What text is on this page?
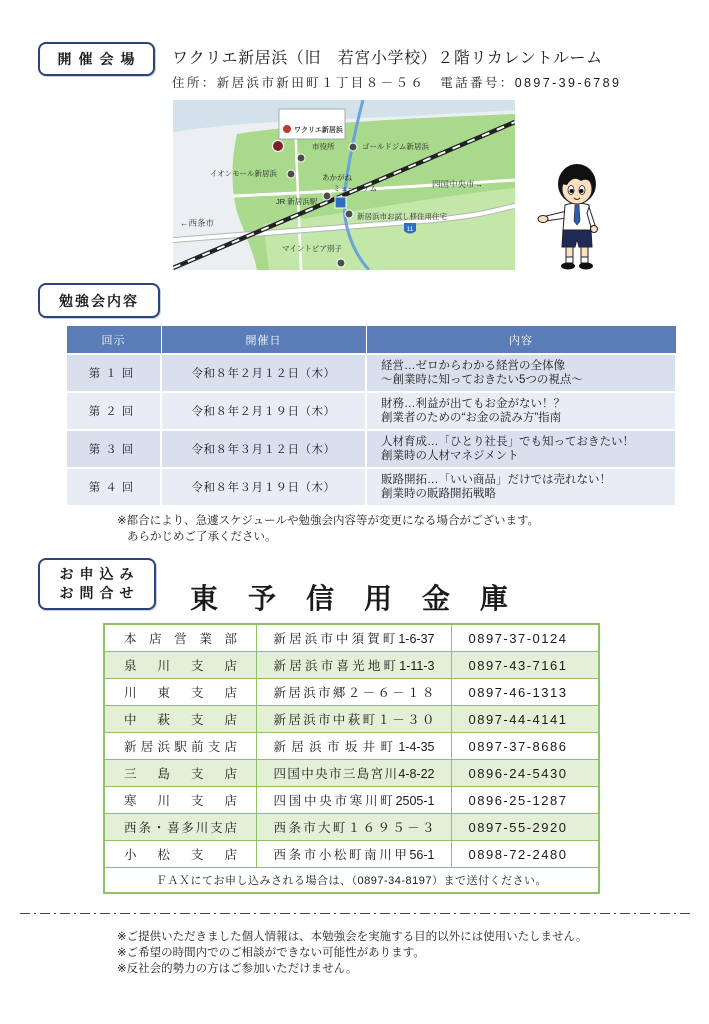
開催会場 ワクリエ新居浜（旧　若宮小学校）２階リカレントルーム
住所：新居浜市新田町１丁目８－５６　電話番号：0897-39-6789
ワクリエ新居浜
市役所	ゴールドジム新居浜
イオンモール新居浜	あかがね
ミュージアム	四国中央市→
←西条市
JR 新居浜駅
新居浜市お試し移住用住宅
11
マイントピア別子
勉強会内容
回示	開催日	内容
第１回	令和８年２月１２日（木）	経営…ゼロからわかる経営の全体像
～創業時に知っておきたい5つの視点～

第２回	令和８年２月１９日（木）	財務…利益が出てもお金がない！？
創業者のための“お金の読み方”指南

第３回	令和８年３月１２日（木）	人材育成…「ひとり社長」でも知っておきたい！
創業時の人材マネジメント

第４回	令和８年３月１９日（木）	販路開拓…「いい商品」だけでは売れない！
創業時の販路開拓戦略
※都合により、急遽スケジュールや勉強会内容等が変更になる場合がございます。
あらかじめご了承ください。
お申込み
お問合せ 東予信用金庫
本店営業部	新居浜市中須賀町1-6-37	0897-37-0124

泉川支店	新居浜市喜光地町1-11-3	0897-43-7161

川東支店	新居浜市郷２－６－１８	0897-46-1313

中萩支店	新居浜市中萩町１－３０	0897-44-4141

新居浜駅前支店	新居浜市坂井町1-4-35	0897-37-8686

三島支店	四国中央市三島宮川4-8-22	0896-24-5430

寒川支店	四国中央市寒川町2505-1	0896-25-1287

西条・喜多川支店	西条市大町１６９５－３	0897-55-2920

小松支店	西条市小松町南川甲56-1	0898-72-2480
ＦＡＸにてお申し込みされる場合は、（0897-34-8197）まで送付ください。		
※ご提供いただきました個人情報は、本勉強会を実施する目的以外には使用いたしません。
※ご希望の時間内でのご相談ができない可能性があります。
※反社会的勢力の方はご参加いただけません。
